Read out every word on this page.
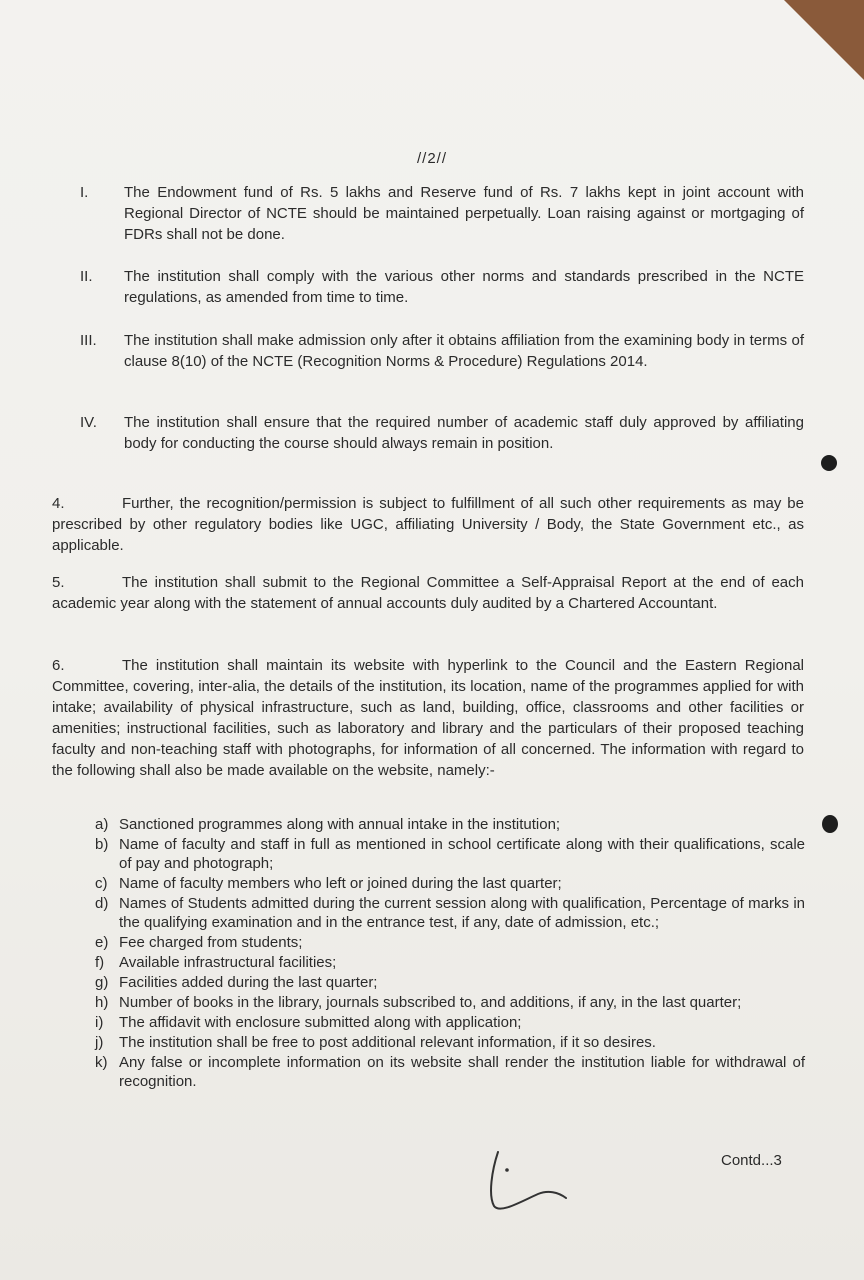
//2//
I.	The Endowment fund of Rs. 5 lakhs and Reserve fund of Rs. 7 lakhs kept in joint account with Regional Director of NCTE should be maintained perpetually. Loan raising against or mortgaging of FDRs shall not be done.
II.	The institution shall comply with the various other norms and standards prescribed in the NCTE regulations, as amended from time to time.
III.	The institution shall make admission only after it obtains affiliation from the examining body in terms of clause 8(10) of the NCTE (Recognition Norms & Procedure) Regulations 2014.
IV.	The institution shall ensure that the required number of academic staff duly approved by affiliating body for conducting the course should always remain in position.
4.	Further, the recognition/permission is subject to fulfillment of all such other requirements as may be prescribed by other regulatory bodies like UGC, affiliating University / Body, the State Government etc., as applicable.
5.	The institution shall submit to the Regional Committee a Self-Appraisal Report at the end of each academic year along with the statement of annual accounts duly audited by a Chartered Accountant.
6.	The institution shall maintain its website with hyperlink to the Council and the Eastern Regional Committee, covering, inter-alia, the details of the institution, its location, name of the programmes applied for with intake; availability of physical infrastructure, such as land, building, office, classrooms and other facilities or amenities; instructional facilities, such as laboratory and library and the particulars of their proposed teaching faculty and non-teaching staff with photographs, for information of all concerned. The information with regard to the following shall also be made available on the website, namely:-
a) Sanctioned programmes along with annual intake in the institution;
b) Name of faculty and staff in full as mentioned in school certificate along with their qualifications, scale of pay and photograph;
c) Name of faculty members who left or joined during the last quarter;
d) Names of Students admitted during the current session along with qualification, Percentage of marks in the qualifying examination and in the entrance test, if any, date of admission, etc.;
e) Fee charged from students;
f) Available infrastructural facilities;
g) Facilities added during the last quarter;
h) Number of books in the library, journals subscribed to, and additions, if any, in the last quarter;
i) The affidavit with enclosure submitted along with application;
j) The institution shall be free to post additional relevant information, if it so desires.
k) Any false or incomplete information on its website shall render the institution liable for withdrawal of recognition.
Contd...3
